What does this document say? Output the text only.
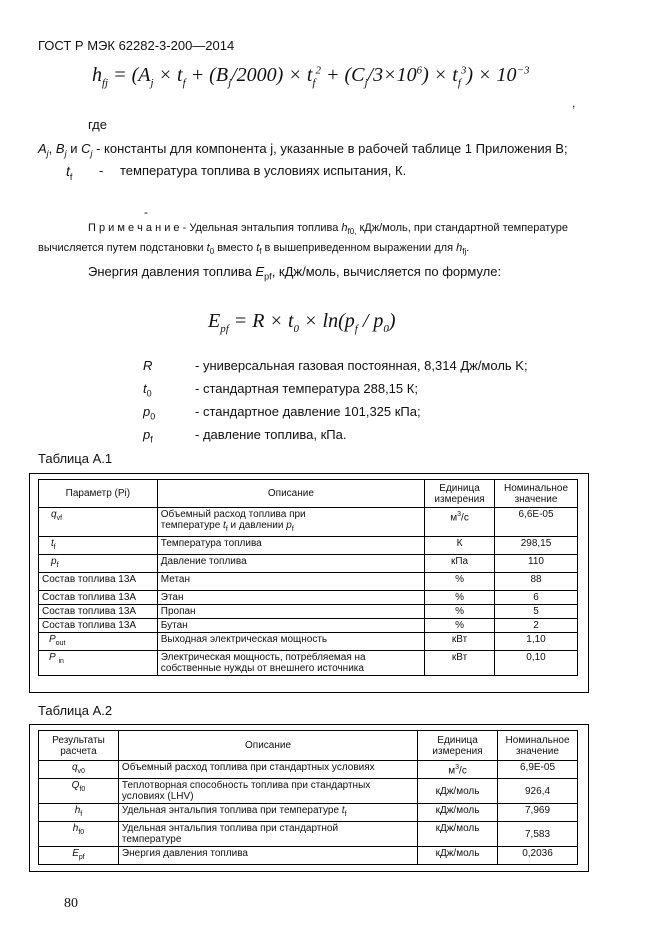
ГОСТ Р МЭК 62282-3-200—2014
$h_{fj} = (A_j \times t_f + (B_j/2000) \times t_f^2 + (C_j/3\times 10^6) \times t_f^3) \times 10^{-3}$
,
где
$A_j$, $B_j$ и $C_j$ - константы для компонента j, указанные в рабочей таблице 1 Приложения В;
$t_f$ - температура топлива в условиях испытания, К.
-
П р и м е ч а н и е - Удельная энтальпия топлива $h_{f0,}$ кДж/моль, при стандартной температуре
вычисляется путем подстановки $t_0$ вместо $t_f$ в вышеприведенном выражении для $h_{fj}$.
Энергия давления топлива $E_{pf}$, кДж/моль, вычисляется по формуле:
$E_{pf} = R \times t_0 \times \ln(p_f / p_0)$
R	- универсальная газовая постоянная, 8,314 Дж/моль K;
$t_0$	- стандартная температура 288,15 К;
$p_0$	- стандартное давление 101,325 кПа;
$p_f$	- давление топлива, кПа.
Таблица А.1
Параметр (Pi)	Описание	Единица измерения	Номинальное значение
$q_{vf}$	Объемный расход топлива при
температуре $t_f$ и давлении $p_f$	$м^3/с$	6,6E-05
$t_f$	Температура топлива	К	298,15
$p_f$	Давление топлива	кПа	110
Состав топлива 13А	Метан	%	88
Состав топлива 13А	Этан	%	6
Состав топлива 13А	Пропан	%	5
Состав топлива 13А	Бутан	%	2
$P_{out}$	Выходная электрическая мощность	кВт	1,10
P $_{in}$	Электрическая мощность, потребляемая на
собственные нужды от внешнего источника	кВт	0,10
Таблица А.2
Результаты расчета	Описание	Единица измерения	Номинальное значение
$q_{v0}$	Объемный расход топлива при стандартных условиях	$м^3/с$	6,9E-05
$Q_{f0}$	Теплотворная способность топлива при стандартных
условиях (LHV)	кДж/моль	926,4
$h_f$	Удельная энтальпия топлива при температуре $t_f$	кДж/моль	7,969
$h_{f0}$	Удельная энтальпия топлива при стандартной
температуре	кДж/моль	7,583
$E_{pf}$	Энергия давления топлива	кДж/моль	0,2036
80
